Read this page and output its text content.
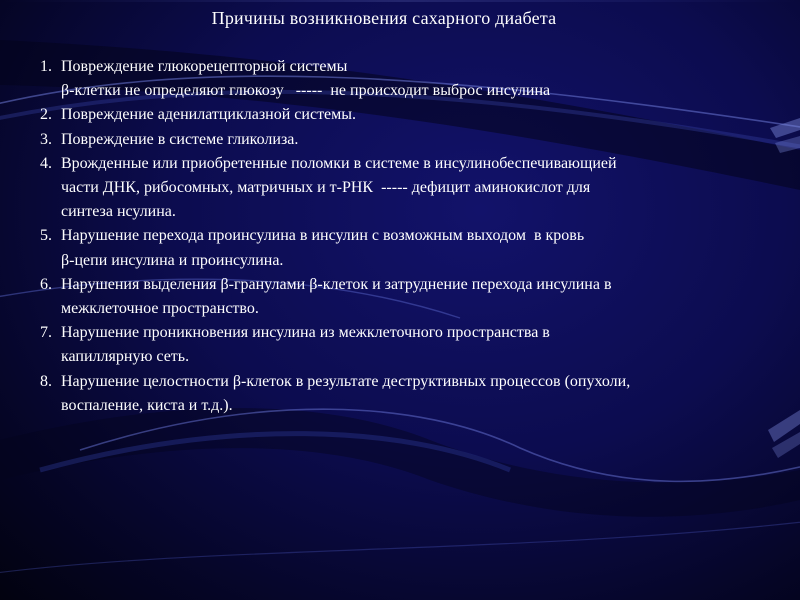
Причины возникновения сахарного диабета
1. Повреждение глюкорецепторной системы
β-клетки не определяют глюкозу   -----  не происходит выброс инсулина
2. Повреждение аденилатциклазной системы.
3. Повреждение в системе гликолиза.
4. Врожденные или приобретенные поломки в системе в инсулинобеспечивающией
части ДНК, рибосомных, матричных и т-РНК  ----- дефицит аминокислот для
синтеза нсулина.
5. Нарушение перехода проинсулина в инсулин с возможным выходом  в кровь
β-цепи инсулина и проинсулина.
6. Нарушения выделения β-гранулами β-клеток и затруднение перехода инсулина в
межклеточное пространство.
7. Нарушение проникновения инсулина из межклеточного пространства в
капиллярную сеть.
8. Нарушение целостности β-клеток в результате деструктивных процессов (опухоли,
воспаление, киста и т.д.).
